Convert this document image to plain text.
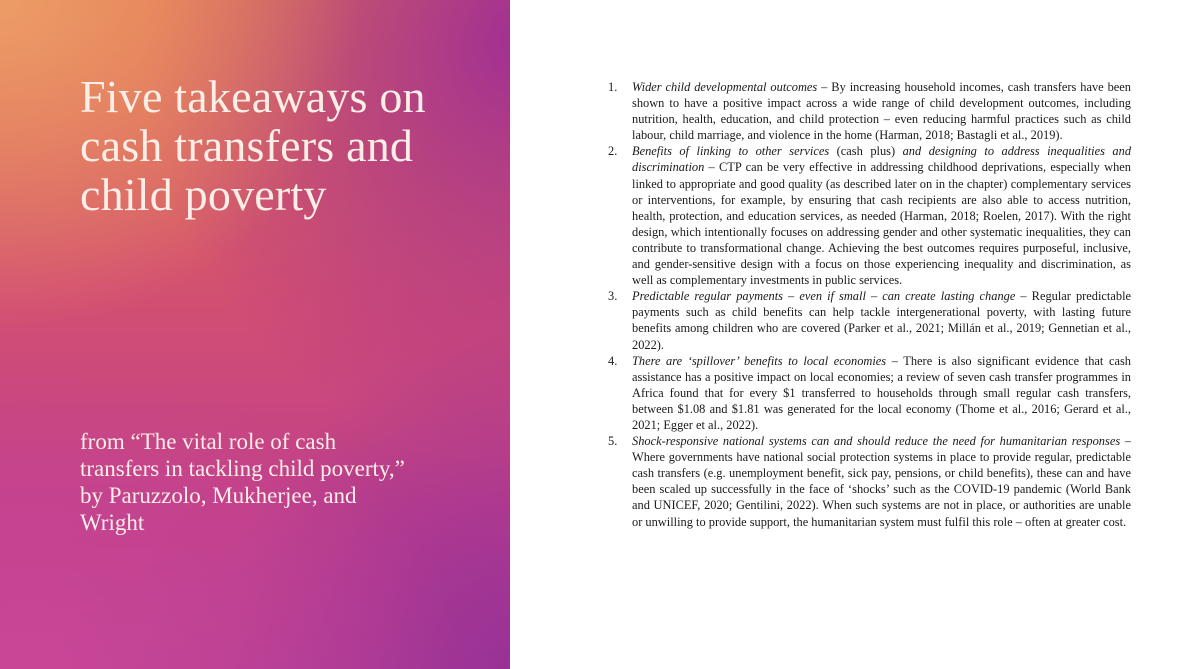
Five takeaways on cash transfers and child poverty

from “The vital role of cash transfers in tackling child poverty,” by Paruzzolo, Mukherjee, and Wright

1. Wider child developmental outcomes – By increasing household incomes, cash transfers have been shown to have a positive impact across a wide range of child development outcomes, including nutrition, health, education, and child protection – even reducing harmful practices such as child labour, child marriage, and violence in the home (Harman, 2018; Bastagli et al., 2019).
2. Benefits of linking to other services (cash plus) and designing to address inequalities and discrimination – CTP can be very effective in addressing childhood deprivations, especially when linked to appropriate and good quality (as described later on in the chapter) complementary services or interventions, for example, by ensuring that cash recipients are also able to access nutrition, health, protection, and education services, as needed (Harman, 2018; Roelen, 2017). With the right design, which intentionally focuses on addressing gender and other systematic inequalities, they can contribute to transformational change. Achieving the best outcomes requires purposeful, inclusive, and gender-sensitive design with a focus on those experiencing inequality and discrimination, as well as complementary investments in public services.
3. Predictable regular payments – even if small – can create lasting change – Regular predictable payments such as child benefits can help tackle intergenerational poverty, with lasting future benefits among children who are covered (Parker et al., 2021; Millán et al., 2019; Gennetian et al., 2022).
4. There are ‘spillover’ benefits to local economies – There is also significant evidence that cash assistance has a positive impact on local economies; a review of seven cash transfer programmes in Africa found that for every $1 transferred to households through small regular cash transfers, between $1.08 and $1.81 was generated for the local economy (Thome et al., 2016; Gerard et al., 2021; Egger et al., 2022).
5. Shock-responsive national systems can and should reduce the need for humanitarian responses – Where governments have national social protection systems in place to provide regular, predictable cash transfers (e.g. unemployment benefit, sick pay, pensions, or child benefits), these can and have been scaled up successfully in the face of ‘shocks’ such as the COVID-19 pandemic (World Bank and UNICEF, 2020; Gentilini, 2022). When such systems are not in place, or authorities are unable or unwilling to provide support, the humanitarian system must fulfil this role – often at greater cost.
